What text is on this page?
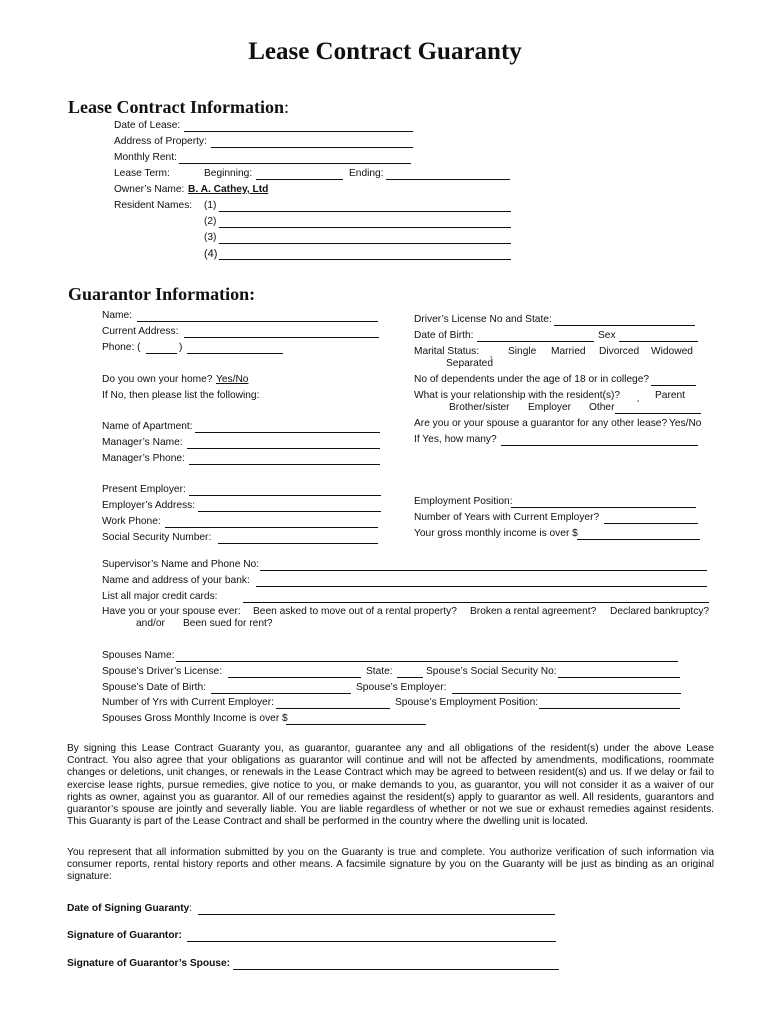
Lease Contract Guaranty
Lease Contract Information:
Date of Lease:
Address of Property:
Monthly Rent:
Lease Term:	Beginning:	Ending:
Owner’s Name: B. A. Cathey, Ltd
Resident Names: (1)
(2)
(3)
(4)
Guarantor Information:
Name:
Current Address:
Phone: (	)
Do you own your home? Yes/No
If No, then please list the following:
Name of Apartment:
Manager’s Name:
Manager’s Phone:
Present Employer:
Employer’s Address:
Work Phone:
Social Security Number:
Driver’s License No and State:
Date of Birth:	Sex
Marital Status: ¸ Single Married Divorced Widowed
Separated
No of dependents under the age of 18 or in college?
What is your relationship with the resident(s)? ¸ Parent
Brother/sister Employer Other
Are you or your spouse a guarantor for any other lease? Yes/No
If Yes, how many?
Employment Position:
Number of Years with Current Employer?
Your gross monthly income is over $
Supervisor’s Name and Phone No:
Name and address of your bank:
List all major credit cards:
Have you or your spouse ever: Been asked to move out of a rental property? Broken a rental agreement? Declared bankruptcy?
and/or Been sued for rent?
Spouses Name:
Spouse’s Driver’s License:	State:	Spouse’s Social Security No:
Spouse’s Date of Birth:	Spouse’s Employer:
Number of Yrs with Current Employer:	Spouse’s Employment Position:
Spouses Gross Monthly Income is over $
By signing this Lease Contract Guaranty you, as guarantor, guarantee any and all obligations of the resident(s) under the above Lease Contract. You also agree that your obligations as guarantor will continue and will not be affected by amendments, modifications, roommate changes or deletions, unit changes, or renewals in the Lease Contract which may be agreed to between resident(s) and us. If we delay or fail to exercise lease rights, pursue remedies, give notice to you, or make demands to you, as guarantor, you will not consider it as a waiver of our rights as owner, against you as guarantor. All of our remedies against the resident(s) apply to guarantor as well. All residents, guarantors and guarantor’s spouse are jointly and severally liable. You are liable regardless of whether or not we sue or exhaust remedies against residents. This Guaranty is part of the Lease Contract and shall be performed in the country where the dwelling unit is located.
You represent that all information submitted by you on the Guaranty is true and complete. You authorize verification of such information via consumer reports, rental history reports and other means. A facsimile signature by you on the Guaranty will be just as binding as an original signature:
Date of Signing Guaranty:
Signature of Guarantor:
Signature of Guarantor’s Spouse:
